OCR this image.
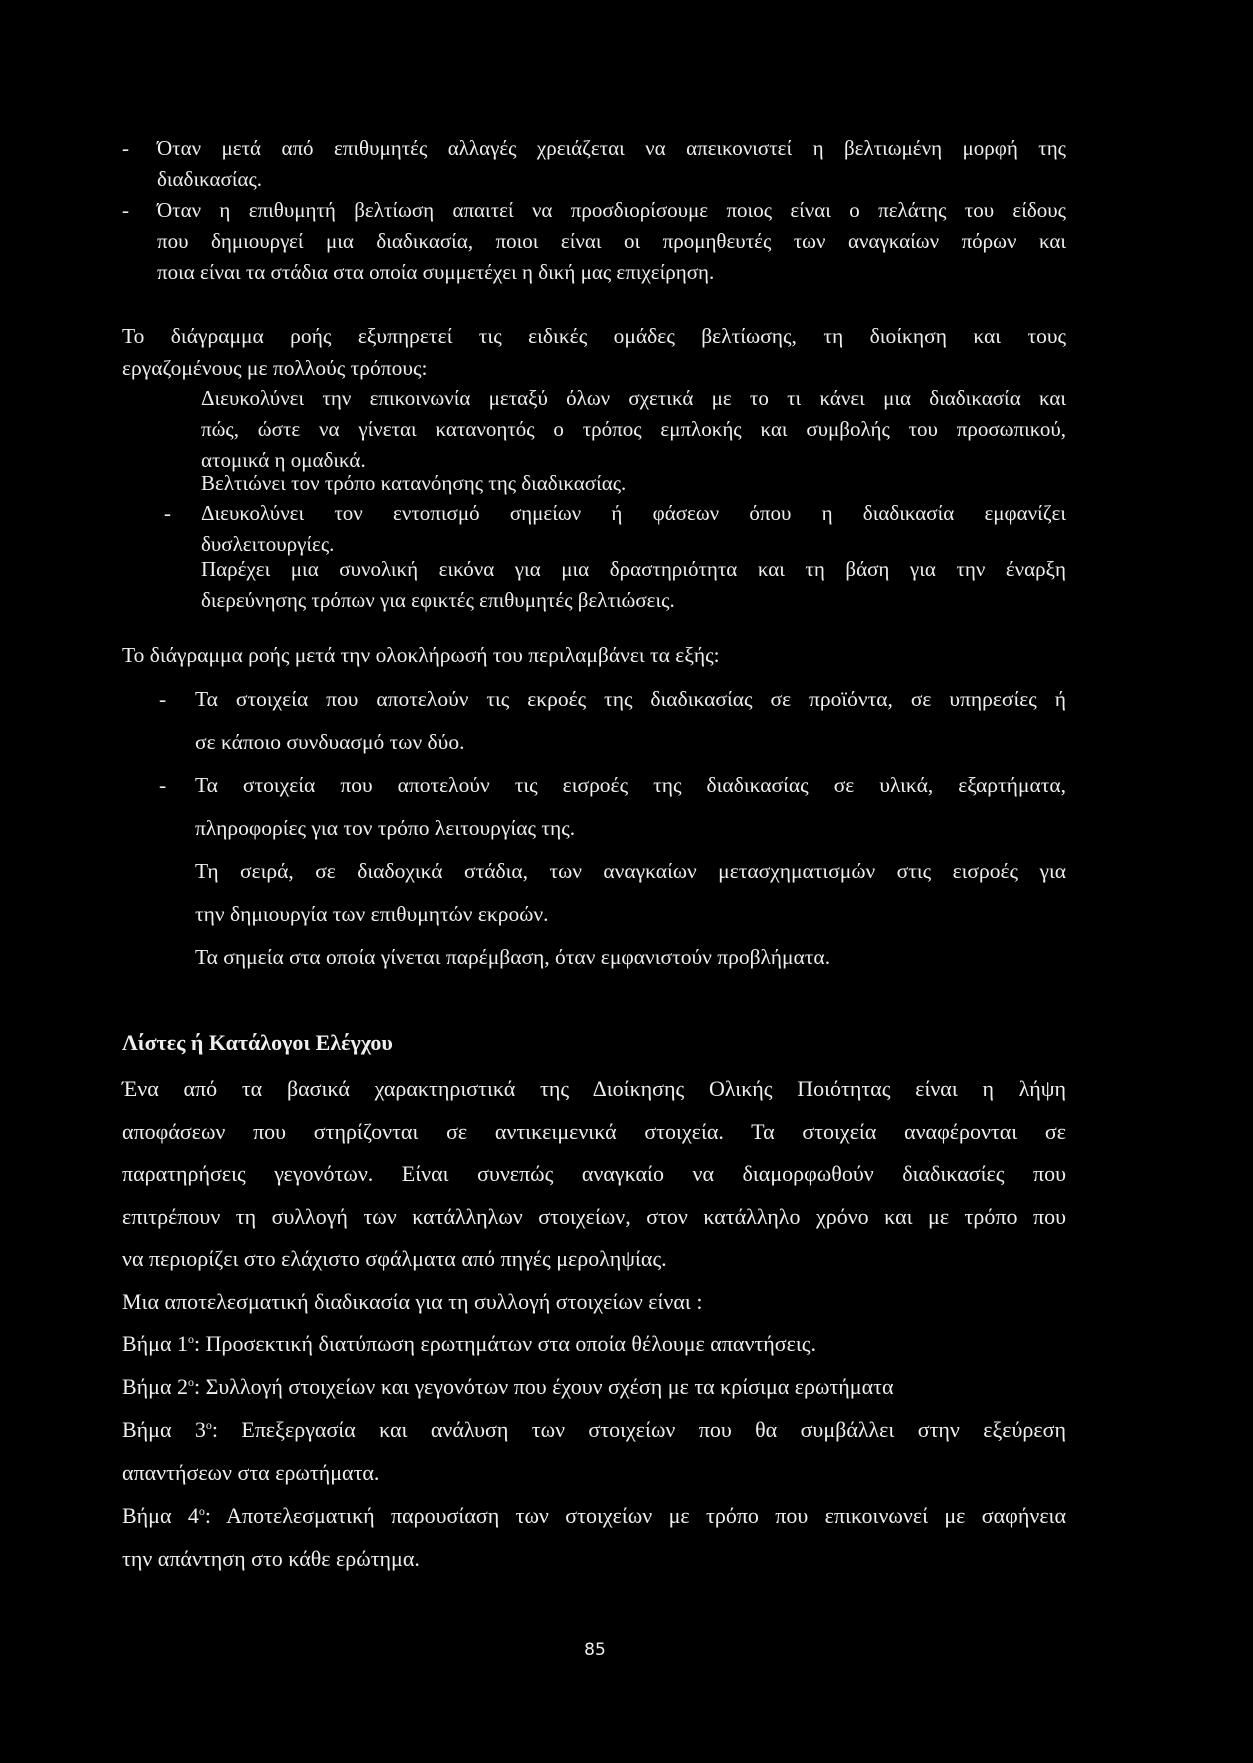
- Όταν μετά από επιθυμητές αλλαγές χρειάζεται να απεικονιστεί η βελτιωμένη μορφή της
διαδικασίας.
- Όταν η επιθυμητή βελτίωση απαιτεί να προσδιορίσουμε ποιος είναι ο πελάτης του είδους
που δημιουργεί μια διαδικασία, ποιοι είναι οι προμηθευτές των αναγκαίων πόρων και
ποια είναι τα στάδια στα οποία συμμετέχει η δική μας επιχείρηση.
Το διάγραμμα ροής εξυπηρετεί τις ειδικές ομάδες βελτίωσης, τη διοίκηση και τους
εργαζομένους με πολλούς τρόπους:
Διευκολύνει την επικοινωνία μεταξύ όλων σχετικά με το τι κάνει μια διαδικασία και
πώς, ώστε να γίνεται κατανοητός ο τρόπος εμπλοκής και συμβολής του προσωπικού,
ατομικά η ομαδικά.
Βελτιώνει τον τρόπο κατανόησης της διαδικασίας.
- Διευκολύνει τον εντοπισμό σημείων ή φάσεων όπου η διαδικασία εμφανίζει
δυσλειτουργίες.
Παρέχει μια συνολική εικόνα για μια δραστηριότητα και τη βάση για την έναρξη
διερεύνησης τρόπων για εφικτές επιθυμητές βελτιώσεις.
Το διάγραμμα ροής μετά την ολοκλήρωσή του περιλαμβάνει τα εξής:
- Τα στοιχεία που αποτελούν τις εκροές της διαδικασίας σε προϊόντα, σε υπηρεσίες ή
σε κάποιο συνδυασμό των δύο.
- Τα στοιχεία που αποτελούν τις εισροές της διαδικασίας σε υλικά, εξαρτήματα,
πληροφορίες για τον τρόπο λειτουργίας της.
Τη σειρά, σε διαδοχικά στάδια, των αναγκαίων μετασχηματισμών στις εισροές για
την δημιουργία των επιθυμητών εκροών.
Τα σημεία στα οποία γίνεται παρέμβαση, όταν εμφανιστούν προβλήματα.
Λίστες ή Κατάλογοι Ελέγχου
Ένα από τα βασικά χαρακτηριστικά της Διοίκησης Ολικής Ποιότητας είναι η λήψη
αποφάσεων που στηρίζονται σε αντικειμενικά στοιχεία. Τα στοιχεία αναφέρονται σε
παρατηρήσεις γεγονότων. Είναι συνεπώς αναγκαίο να διαμορφωθούν διαδικασίες που
επιτρέπουν τη συλλογή των κατάλληλων στοιχείων, στον κατάλληλο χρόνο και με τρόπο που
να περιορίζει στο ελάχιστο σφάλματα από πηγές μεροληψίας.
Μια αποτελεσματική διαδικασία για τη συλλογή στοιχείων είναι :
Βήμα $1^o$: Προσεκτική διατύπωση ερωτημάτων στα οποία θέλουμε απαντήσεις.
Βήμα $2^o$: Συλλογή στοιχείων και γεγονότων που έχουν σχέση με τα κρίσιμα ερωτήματα
Βήμα $3^o$: Επεξεργασία και ανάλυση των στοιχείων που θα συμβάλλει στην εξεύρεση
απαντήσεων στα ερωτήματα.
Βήμα $4^o$: Αποτελεσματική παρουσίαση των στοιχείων με τρόπο που επικοινωνεί με σαφήνεια
την απάντηση στο κάθε ερώτημα.
85
